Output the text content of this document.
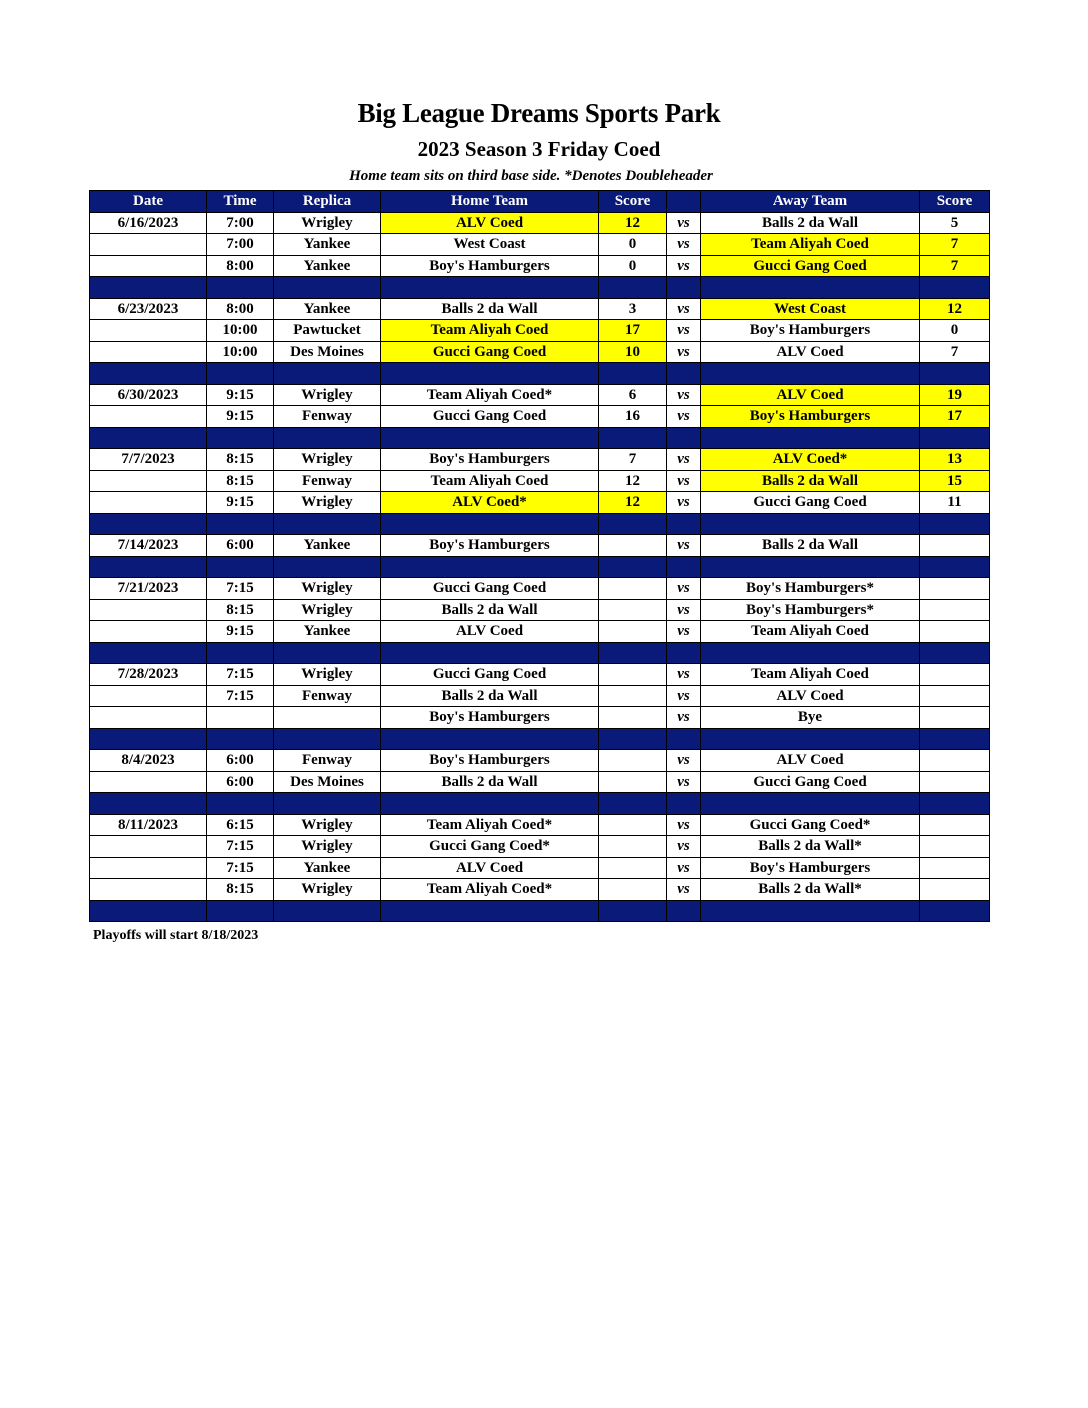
Big League Dreams Sports Park
2023 Season 3 Friday Coed
Home team sits on third base side. *Denotes Doubleheader
Date	Time	Replica	Home Team	Score		Away Team	Score
6/16/2023	7:00	Wrigley	ALV Coed	12	vs	Balls 2 da Wall	5
	7:00	Yankee	West Coast	0	vs	Team Aliyah Coed	7
	8:00	Yankee	Boy's Hamburgers	0	vs	Gucci Gang Coed	7

6/23/2023	8:00	Yankee	Balls 2 da Wall	3	vs	West Coast	12
	10:00	Pawtucket	Team Aliyah Coed	17	vs	Boy's Hamburgers	0
	10:00	Des Moines	Gucci Gang Coed	10	vs	ALV Coed	7

6/30/2023	9:15	Wrigley	Team Aliyah Coed*	6	vs	ALV Coed	19
	9:15	Fenway	Gucci Gang Coed	16	vs	Boy's Hamburgers	17

7/7/2023	8:15	Wrigley	Boy's Hamburgers	7	vs	ALV Coed*	13
	8:15	Fenway	Team Aliyah Coed	12	vs	Balls 2 da Wall	15
	9:15	Wrigley	ALV Coed*	12	vs	Gucci Gang Coed	11

7/14/2023	6:00	Yankee	Boy's Hamburgers		vs	Balls 2 da Wall	

7/21/2023	7:15	Wrigley	Gucci Gang Coed		vs	Boy's Hamburgers*	
	8:15	Wrigley	Balls 2 da Wall		vs	Boy's Hamburgers*	
	9:15	Yankee	ALV Coed		vs	Team Aliyah Coed	

7/28/2023	7:15	Wrigley	Gucci Gang Coed		vs	Team Aliyah Coed	
	7:15	Fenway	Balls 2 da Wall		vs	ALV Coed	
			Boy's Hamburgers		vs	Bye	

8/4/2023	6:00	Fenway	Boy's Hamburgers		vs	ALV Coed	
	6:00	Des Moines	Balls 2 da Wall		vs	Gucci Gang Coed	

8/11/2023	6:15	Wrigley	Team Aliyah Coed*		vs	Gucci Gang Coed*	
	7:15	Wrigley	Gucci Gang Coed*		vs	Balls 2 da Wall*	
	7:15	Yankee	ALV Coed		vs	Boy's Hamburgers	
	8:15	Wrigley	Team Aliyah Coed*		vs	Balls 2 da Wall*	

Playoffs will start 8/18/2023
